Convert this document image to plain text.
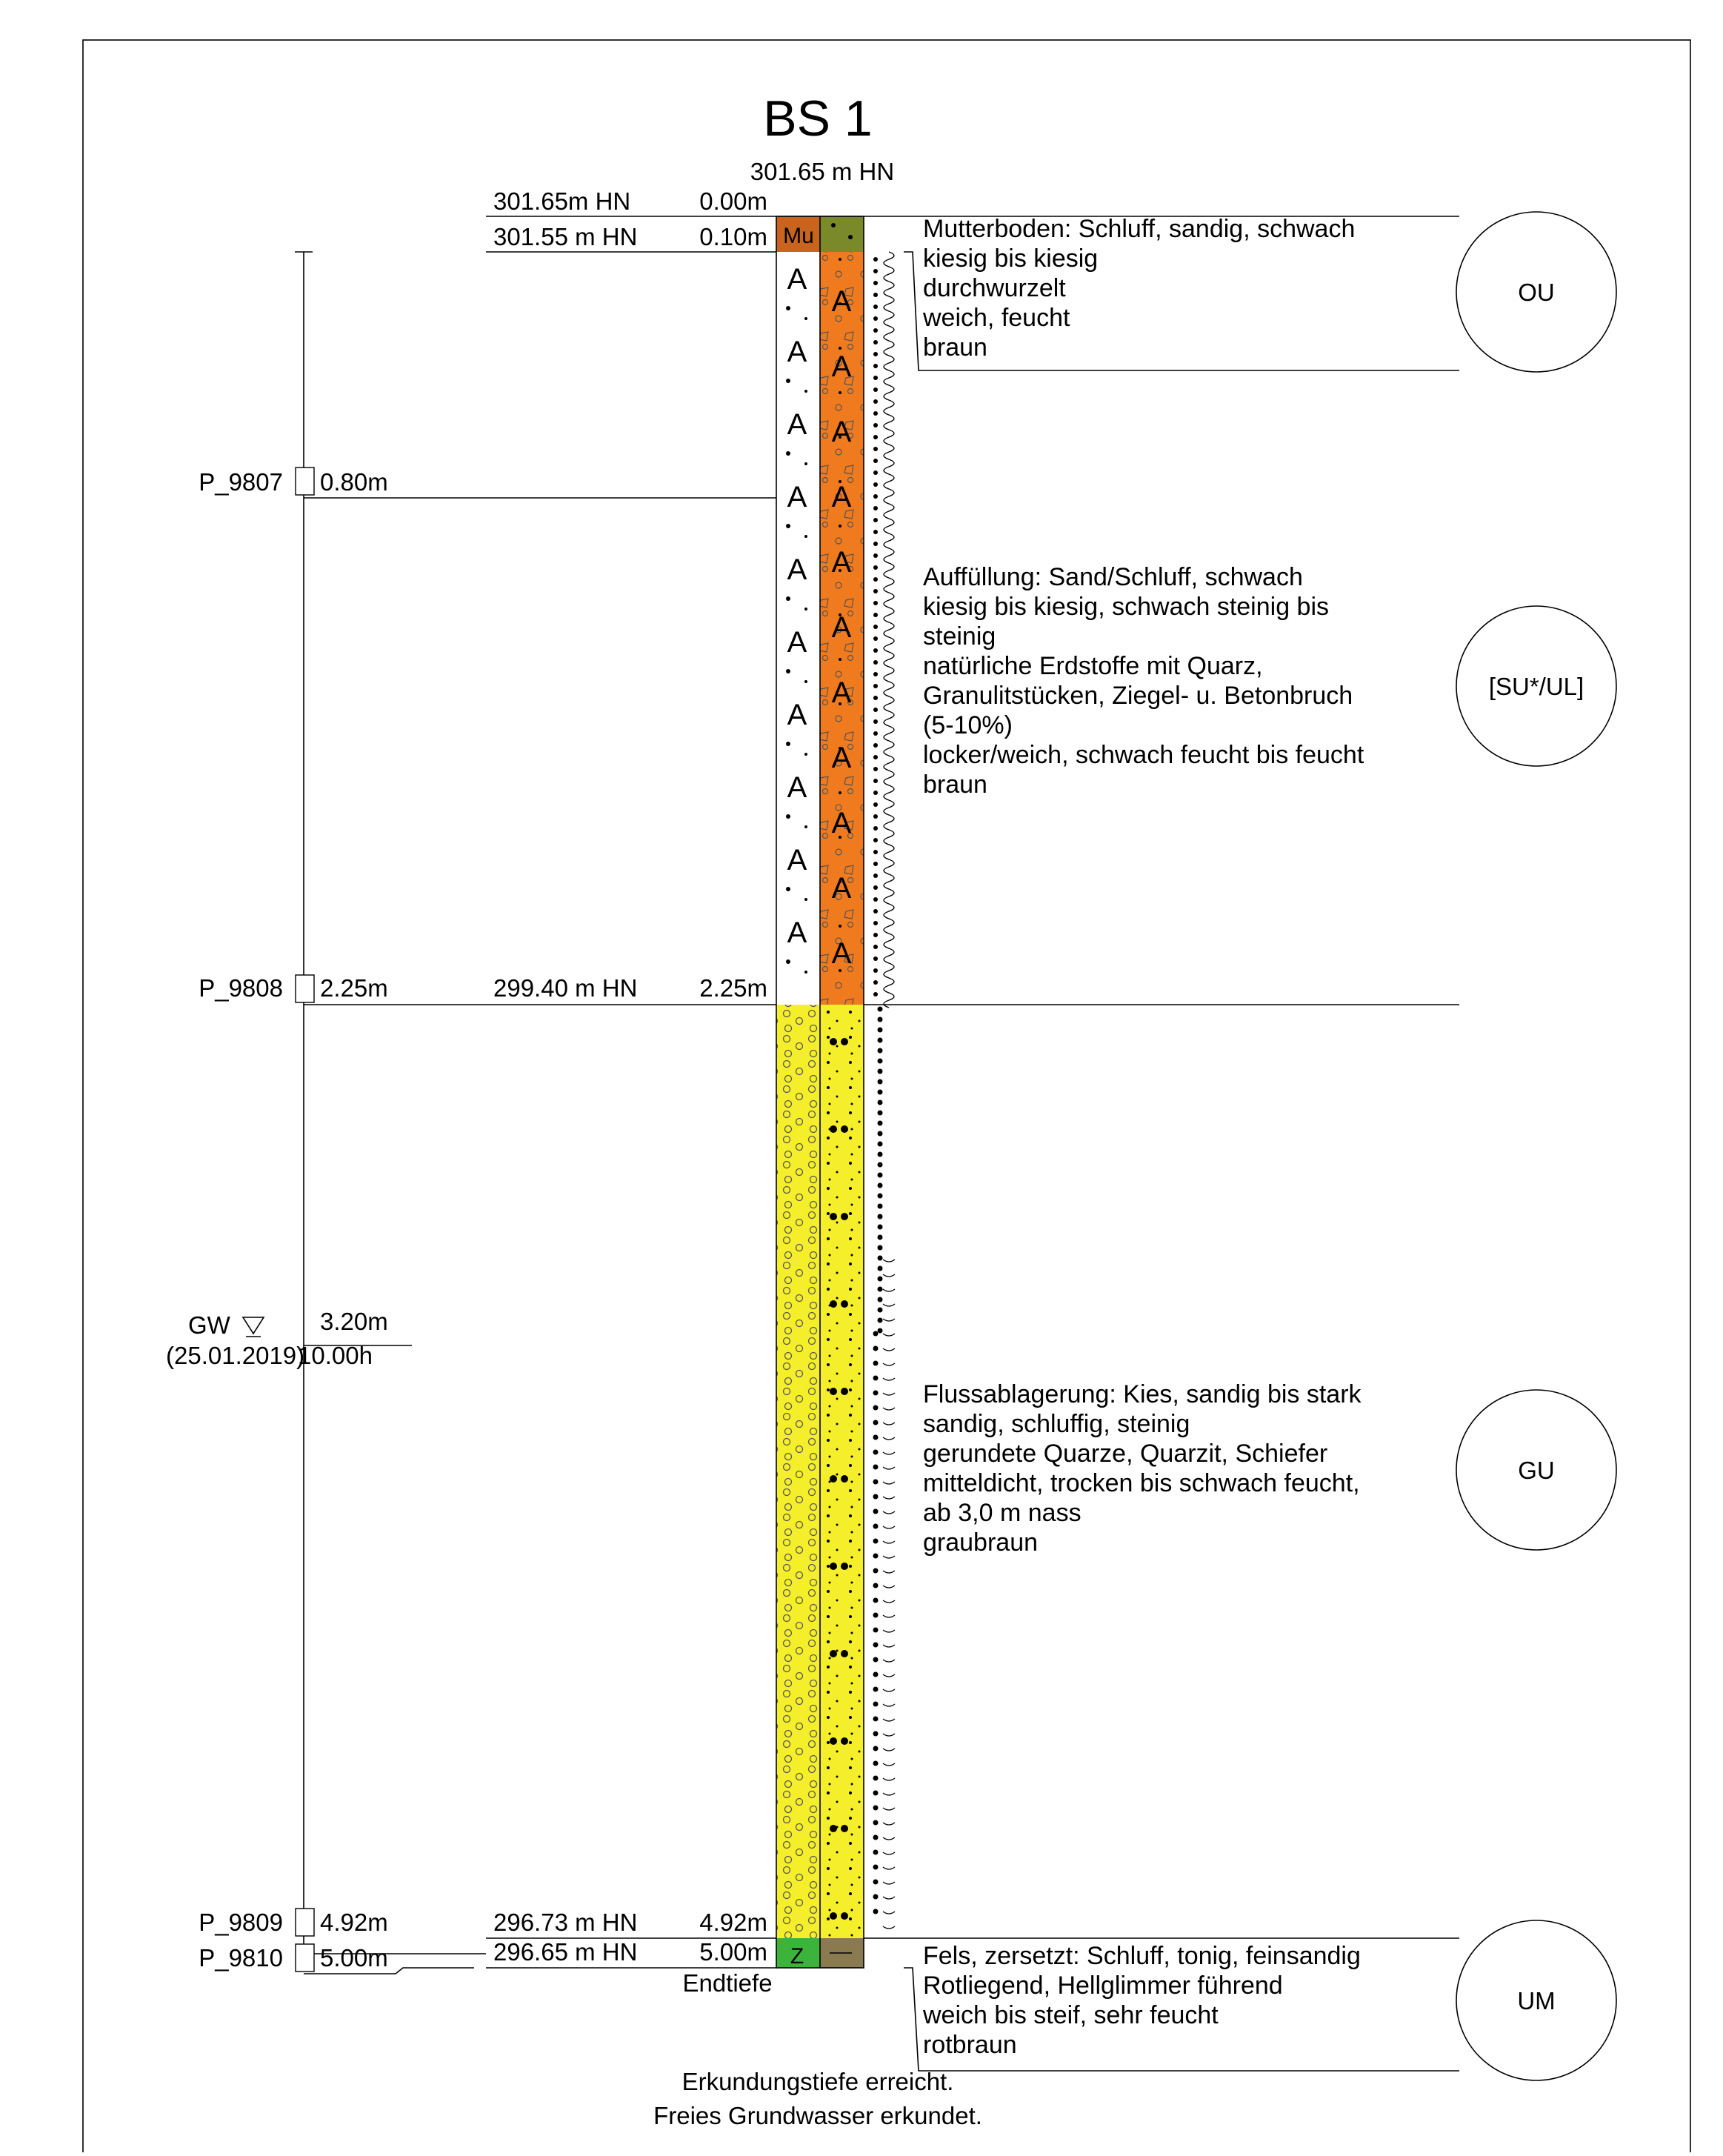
BS 1
301.65 m HN
301.65m HN	0.00m
301.55 m HN	0.10m
299.40 m HN	2.25m
296.73 m HN	4.92m
296.65 m HN	5.00m
Endtiefe
P_9807 0.80m
P_9808 2.25m
P_9809 4.92m
P_9810 5.00m
GW	3.20m
(25.01.2019)
10.00h
Mu
A
A
A
A
A
A
A
A
A
A
A
A
A
A
A
A
A
A
A
A
A
Z
Mutterboden: Schluff, sandig, schwach
kiesig bis kiesig
durchwurzelt
weich, feucht
braun
OU
Auffüllung: Sand/Schluff, schwach
kiesig bis kiesig, schwach steinig bis
steinig
natürliche Erdstoffe mit Quarz,
Granulitstücken, Ziegel- u. Betonbruch
(5-10%)
locker/weich, schwach feucht bis feucht
braun
[SU*/UL]
Flussablagerung: Kies, sandig bis stark
sandig, schluffig, steinig
gerundete Quarze, Quarzit, Schiefer
mitteldicht, trocken bis schwach feucht,
ab 3,0 m nass
graubraun
GU
Fels, zersetzt: Schluff, tonig, feinsandig
Rotliegend, Hellglimmer führend
weich bis steif, sehr feucht
rotbraun
UM
Erkundungstiefe erreicht.
Freies Grundwasser erkundet.
